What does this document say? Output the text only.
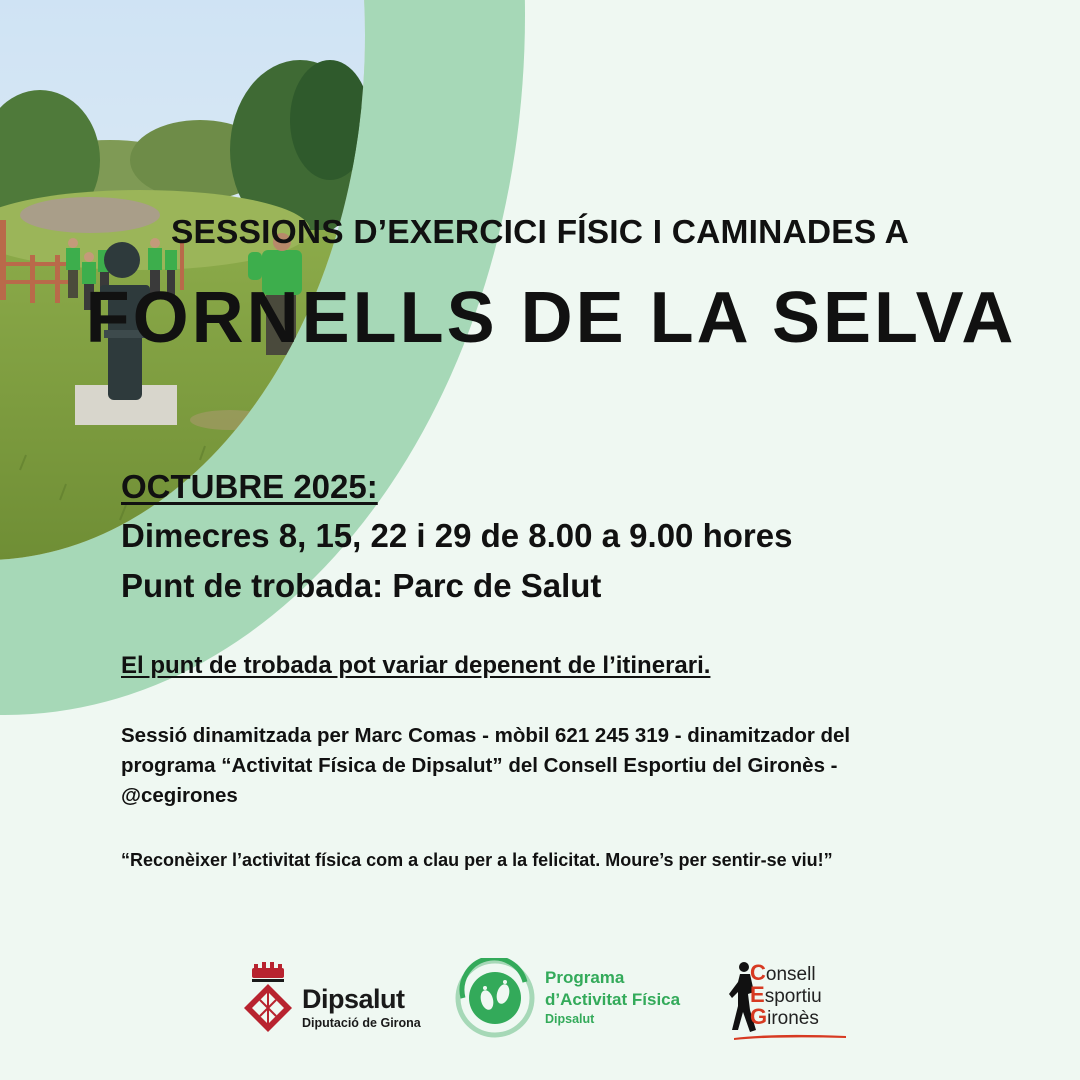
SESSIONS D’EXERCICI FÍSIC I CAMINADES A
FORNELLS DE LA SELVA
OCTUBRE 2025:
Dimecres 8, 15, 22 i 29 de 8.00 a 9.00 hores
Punt de trobada: Parc de Salut
El punt de trobada pot variar depenent de l’itinerari.
Sessió dinamitzada per Marc Comas - mòbil 621 245 319 - dinamitzador del
programa “Activitat Física de Dipsalut” del Consell Esportiu del Gironès -
@cegirones
“Reconèixer l’activitat física com a clau per a la felicitat. Moure’s per sentir-se viu!”
Dipsalut
Diputació de Girona
Programa
d’Activitat Física
Dipsalut
Consell
Esportiu
Gironès
